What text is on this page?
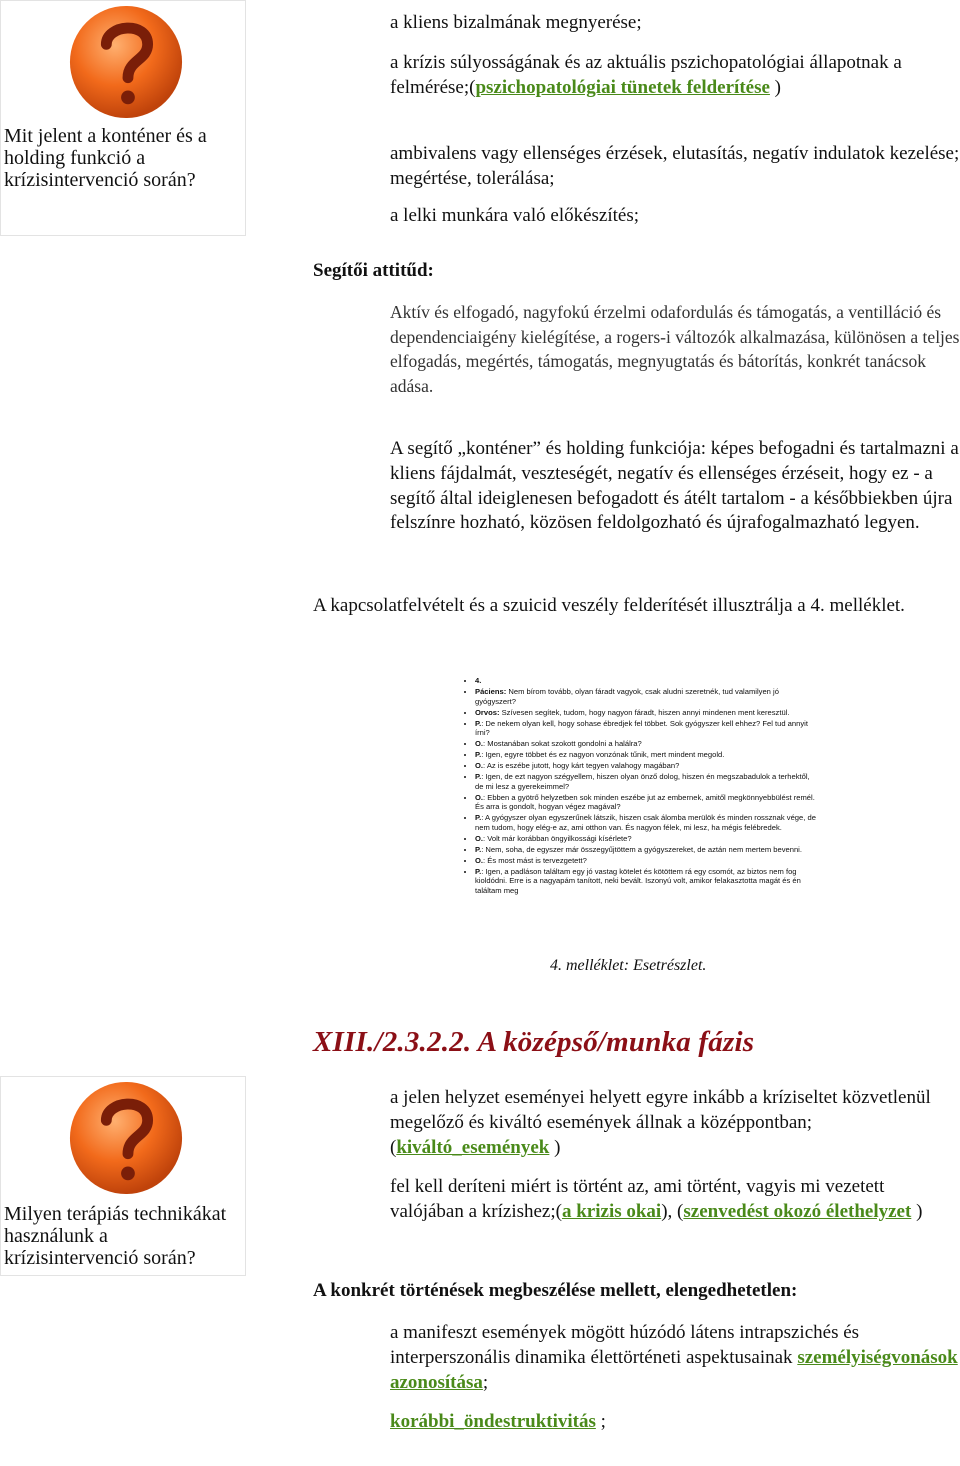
Mit jelent a konténer és a holding funkció a krízisintervenció során?
a kliens bizalmának megnyerése;
a krízis súlyosságának és az aktuális pszichopatológiai állapotnak a felmérése;(pszichopatológiai tünetek felderítése )
ambivalens vagy ellenséges érzések, elutasítás, negatív indulatok kezelése; megértése, tolerálása;
a lelki munkára való előkészítés;
Segítői attitűd:
Aktív és elfogadó, nagyfokú érzelmi odafordulás és támogatás, a ventilláció és dependenciaigény kielégítése, a rogers-i változók alkalmazása, különösen a teljes elfogadás, megértés, támogatás, megnyugtatás és bátorítás, konkrét tanácsok adása.
A segítő „konténer” és holding funkciója: képes befogadni és tartalmazni a kliens fájdalmát, veszteségét, negatív és ellenséges érzéseit, hogy ez - a segítő által ideiglenesen befogadott és átélt tartalom - a későbbiekben újra felszínre hozható, közösen feldolgozható és újrafogalmazható legyen.
A kapcsolatfelvételt és a szuicid veszély felderítését illusztrálja a 4. melléklet.
• 4.
• Páciens: Nem bírom tovább, olyan fáradt vagyok, csak aludni szeretnék, tud valamilyen jó gyógyszert?
• Orvos: Szívesen segítek, tudom, hogy nagyon fáradt, hiszen annyi mindenen ment keresztül.
• P.: De nekem olyan kell, hogy sohase ébredjek fel többet. Sok gyógyszer kell ehhez? Fel tud annyit írni?
• O.: Mostanában sokat szokott gondolni a halálra?
• P.: Igen, egyre többet és ez nagyon vonzónak tűnik, mert mindent megold.
• O.: Az is eszébe jutott, hogy kárt tegyen valahogy magában?
• P.: Igen, de ezt nagyon szégyellem, hiszen olyan önző dolog, hiszen én megszabadulok a terhektől, de mi lesz a gyerekeimmel?
• O.: Ebben a gyötrő helyzetben sok minden eszébe jut az embernek, amitől megkönnyebbülést remél. És arra is gondolt, hogyan végez magával?
• P.: A gyógyszer olyan egyszerűnek látszik, hiszen csak álomba merülök és minden rossznak vége, de nem tudom, hogy elég-e az, ami otthon van. És nagyon félek, mi lesz, ha mégis felébredek.
• O.: Volt már korábban öngyilkossági kísérlete?
• P.: Nem, soha, de egyszer már összegyűjtöttem a gyógyszereket, de aztán nem mertem bevenni.
• O.: És most mást is tervezgetett?
• P.: Igen, a padláson találtam egy jó vastag kötelet és kötöttem rá egy csomót, az biztos nem fog kioldódni. Erre is a nagyapám tanított, neki bevált. Iszonyú volt, amikor felakasztotta magát és én találtam meg
4. melléklet: Esetrészlet.
XIII./2.3.2.2. A középső/munka fázis
Milyen terápiás technikákat használunk a krízisintervenció során?
a jelen helyzet eseményei helyett egyre inkább a kríziseltet közvetlenül megelőző és kiváltó események állnak a középpontban; (kiváltó_események )
fel kell deríteni miért is történt az, ami történt, vagyis mi vezetett valójában a krízishez;(a krizis okai), (szenvedést okozó élethelyzet )
A konkrét történések megbeszélése mellett, elengedhetetlen:
a manifeszt események mögött húzódó látens intrapszichés és interperszonális dinamika élettörténeti aspektusainak személyiségvonások azonosítása;
korábbi_öndestruktivitás ;
